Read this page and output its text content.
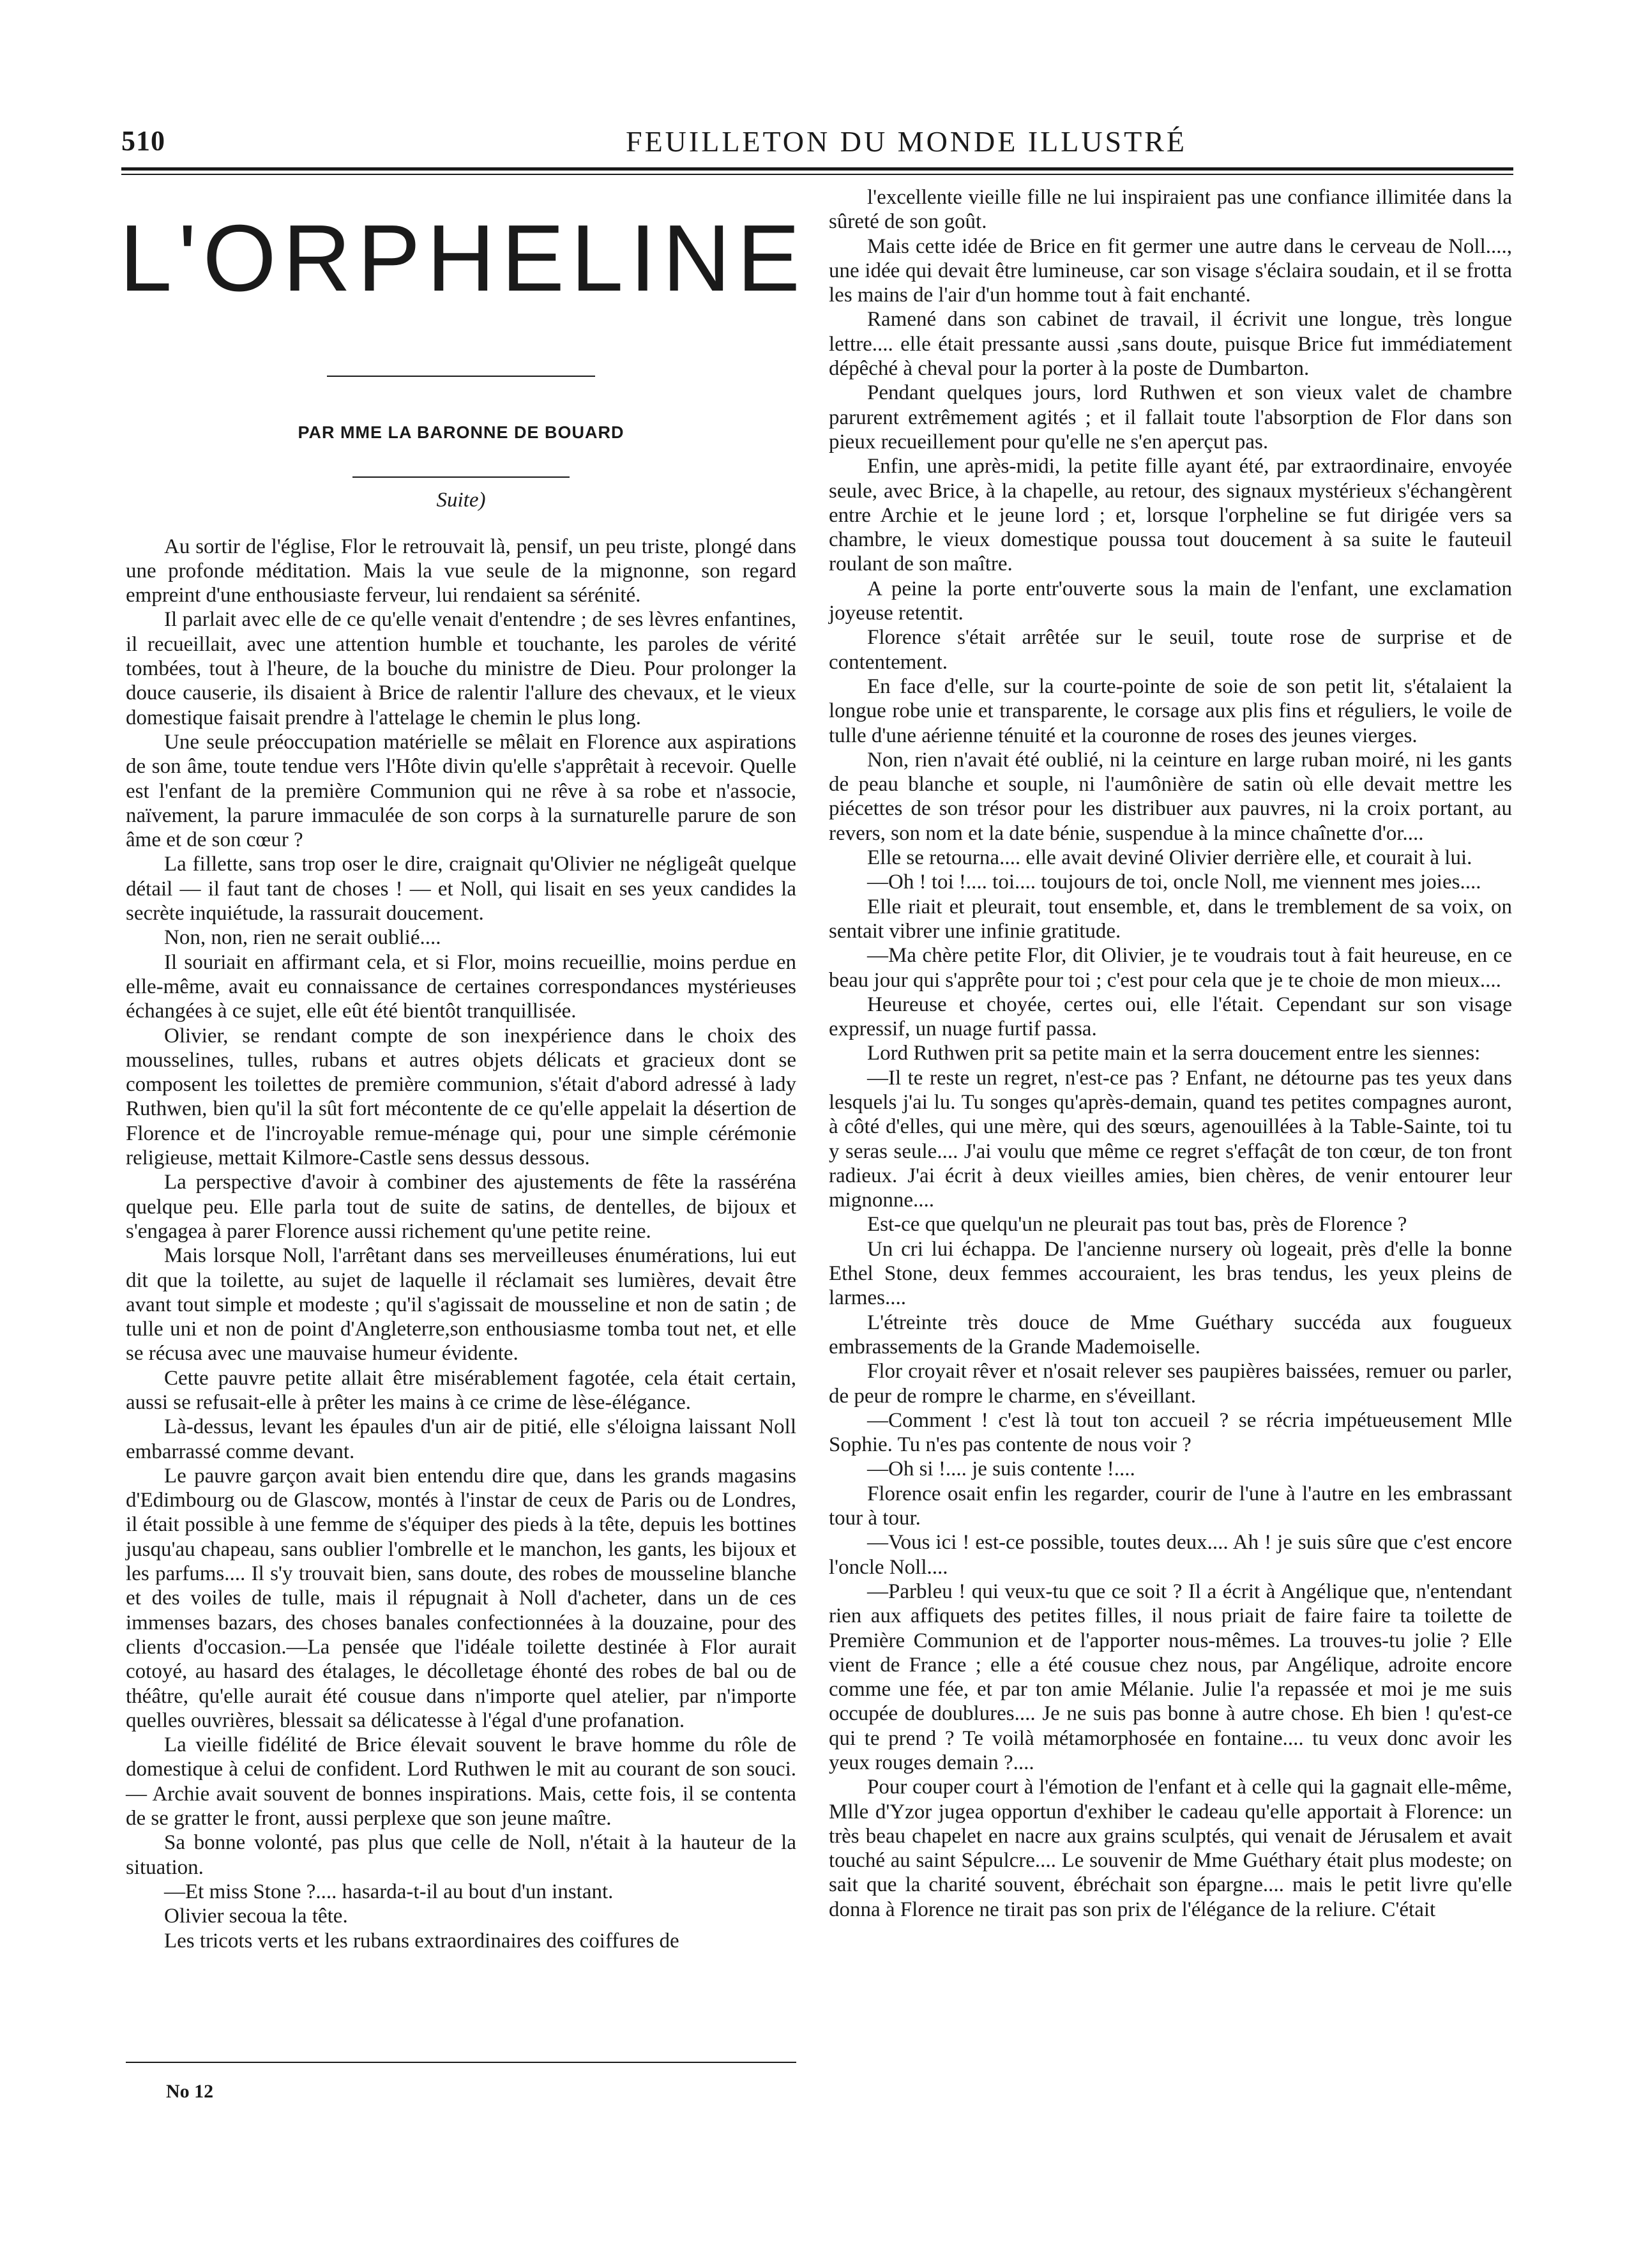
510	FEUILLETON DU MONDE ILLUSTRÉ
L'ORPHELINE
PAR MME LA BARONNE DE BOUARD
Suite)

Au sortir de l'église, Flor le retrouvait là, pensif, un peu triste, plongé dans une profonde méditation. Mais la vue seule de la mignonne, son regard empreint d'une enthousiaste ferveur, lui rendaient sa sérénité.

Il parlait avec elle de ce qu'elle venait d'entendre ; de ses lèvres enfantines, il recueillait, avec une attention humble et touchante, les paroles de vérité tombées, tout à l'heure, de la bouche du ministre de Dieu. Pour prolonger la douce causerie, ils disaient à Brice de ralentir l'allure des chevaux, et le vieux domestique faisait prendre à l'attelage le chemin le plus long.

Une seule préoccupation matérielle se mêlait en Florence aux aspirations de son âme, toute tendue vers l'Hôte divin qu'elle s'apprêtait à recevoir. Quelle est l'enfant de la première Communion qui ne rêve à sa robe et n'associe, naïvement, la parure immaculée de son corps à la surnaturelle parure de son âme et de son cœur ?

La fillette, sans trop oser le dire, craignait qu'Olivier ne négligeât quelque détail — il faut tant de choses ! — et Noll, qui lisait en ses yeux candides la secrète inquiétude, la rassurait doucement.

Non, non, rien ne serait oublié....

Il souriait en affirmant cela, et si Flor, moins recueillie, moins perdue en elle-même, avait eu connaissance de certaines correspondances mystérieuses échangées à ce sujet, elle eût été bientôt tranquillisée.

Olivier, se rendant compte de son inexpérience dans le choix des mousselines, tulles, rubans et autres objets délicats et gracieux dont se composent les toilettes de première communion, s'était d'abord adressé à lady Ruthwen, bien qu'il la sût fort mécontente de ce qu'elle appelait la désertion de Florence et de l'incroyable remue-ménage qui, pour une simple cérémonie religieuse, mettait Kilmore-Castle sens dessus dessous.

La perspective d'avoir à combiner des ajustements de fête la rassérénа quelque peu. Elle parla tout de suite de satins, de dentelles, de bijoux et s'engagea à parer Florence aussi richement qu'une petite reine.

Mais lorsque Noll, l'arrêtant dans ses merveilleuses énumérations, lui eut dit que la toilette, au sujet de laquelle il réclamait ses lumières, devait être avant tout simple et modeste ; qu'il s'agissait de mousseline et non de satin ; de tulle uni et non de point d'Angleterre,son enthousiasme tomba tout net, et elle se récusa avec une mauvaise humeur évidente.

Cette pauvre petite allait être misérablement fagotée, cela était certain, aussi se refusait-elle à prêter les mains à ce crime de lèse-élégance.

Là-dessus, levant les épaules d'un air de pitié, elle s'éloigna laissant Noll embarrassé comme devant.

Le pauvre garçon avait bien entendu dire que, dans les grands magasins d'Edimbourg ou de Glascow, montés à l'instar de ceux de Paris ou de Londres, il était possible à une femme de s'équiper des pieds à la tête, depuis les bottines jusqu'au chapeau, sans oublier l'ombrelle et le manchon, les gants, les bijoux et les parfums.... Il s'y trouvait bien, sans doute, des robes de mousseline blanche et des voiles de tulle, mais il répugnait à Noll d'acheter, dans un de ces immenses bazars, des choses banales confectionnées à la douzaine, pour des clients d'occasion.—La pensée que l'idéale toilette destinée à Flor aurait cotoyé, au hasard des étalages, le décolletage éhonté des robes de bal ou de théâtre, qu'elle aurait été cousue dans n'importe quel atelier, par n'importe quelles ouvrières, blessait sa délicatesse à l'égal d'une profanation.

La vieille fidélité de Brice élevait souvent le brave homme du rôle de domestique à celui de confident. Lord Ruthwen le mit au courant de son souci.— Archie avait souvent de bonnes inspirations. Mais, cette fois, il se contenta de se gratter le front, aussi perplexe que son jeune maître.

Sa bonne volonté, pas plus que celle de Noll, n'était à la hauteur de la situation.

—Et miss Stone ?.... hasarda-t-il au bout d'un instant.

Olivier secoua la tête.

Les tricots verts et les rubans extraordinaires des coiffures de

l'excellente vieille fille ne lui inspiraient pas une confiance illimitée dans la sûreté de son goût.

Mais cette idée de Brice en fit germer une autre dans le cerveau de Noll...., une idée qui devait être lumineuse, car son visage s'éclaira soudain, et il se frotta les mains de l'air d'un homme tout à fait enchanté.

Ramené dans son cabinet de travail, il écrivit une longue, très longue lettre.... elle était pressante aussi ,sans doute, puisque Brice fut immédiatement dépêché à cheval pour la porter à la poste de Dumbarton.

Pendant quelques jours, lord Ruthwen et son vieux valet de chambre parurent extrêmement agités ; et il fallait toute l'absorption de Flor dans son pieux recueillement pour qu'elle ne s'en aperçut pas.

Enfin, une après-midi, la petite fille ayant été, par extraordinaire, envoyée seule, avec Brice, à la chapelle, au retour, des signaux mystérieux s'échangèrent entre Archie et le jeune lord ; et, lorsque l'orpheline se fut dirigée vers sa chambre, le vieux domestique poussa tout doucement à sa suite le fauteuil roulant de son maître.

A peine la porte entr'ouverte sous la main de l'enfant, une exclamation joyeuse retentit.

Florence s'était arrêtée sur le seuil, toute rose de surprise et de contentement.

En face d'elle, sur la courte-pointe de soie de son petit lit, s'étalaient la longue robe unie et transparente, le corsage aux plis fins et réguliers, le voile de tulle d'une aérienne ténuité et la couronne de roses des jeunes vierges.

Non, rien n'avait été oublié, ni la ceinture en large ruban moiré, ni les gants de peau blanche et souple, ni l'aumônière de satin où elle devait mettre les piécettes de son trésor pour les distribuer aux pauvres, ni la croix portant, au revers, son nom et la date bénie, suspendue à la mince chaînette d'or....

Elle se retourna.... elle avait deviné Olivier derrière elle, et courait à lui.

—Oh ! toi !.... toi.... toujours de toi, oncle Noll, me viennent mes joies....

Elle riait et pleurait, tout ensemble, et, dans le tremblement de sa voix, on sentait vibrer une infinie gratitude.

—Ma chère petite Flor, dit Olivier, je te voudrais tout à fait heureuse, en ce beau jour qui s'apprête pour toi ; c'est pour cela que je te choie de mon mieux....

Heureuse et choyée, certes oui, elle l'était. Cependant sur son visage expressif, un nuage furtif passa.

Lord Ruthwen prit sa petite main et la serra doucement entre les siennes:

—Il te reste un regret, n'est-ce pas ? Enfant, ne détourne pas tes yeux dans lesquels j'ai lu. Tu songes qu'après-demain, quand tes petites compagnes auront, à côté d'elles, qui une mère, qui des sœurs, agenouillées à la Table-Sainte, toi tu y seras seule.... J'ai voulu que même ce regret s'effaçât de ton cœur, de ton front radieux. J'ai écrit à deux vieilles amies, bien chères, de venir entourer leur mignonne....

Est-ce que quelqu'un ne pleurait pas tout bas, près de Florence ?

Un cri lui échappa. De l'ancienne nursery où logeait, près d'elle la bonne Ethel Stone, deux femmes accouraient, les bras tendus, les yeux pleins de larmes....

L'étreinte très douce de Mme Guéthary succéda aux fougueux embrassements de la Grande Mademoiselle.

Flor croyait rêver et n'osait relever ses paupières baissées, remuer ou parler, de peur de rompre le charme, en s'éveillant.

—Comment ! c'est là tout ton accueil ? se récria impétueusement Mlle Sophie. Tu n'es pas contente de nous voir ?

—Oh si !.... je suis contente !....

Florence osait enfin les regarder, courir de l'une à l'autre en les embrassant tour à tour.

—Vous ici ! est-ce possible, toutes deux.... Ah ! je suis sûre que c'est encore l'oncle Noll....

—Parbleu ! qui veux-tu que ce soit ? Il a écrit à Angélique que, n'entendant rien aux affiquets des petites filles, il nous priait de faire faire ta toilette de Première Communion et de l'apporter nous-mêmes. La trouves-tu jolie ? Elle vient de France ; elle a été cousue chez nous, par Angélique, adroite encore comme une fée, et par ton amie Mélanie. Julie l'a repassée et moi je me suis occupée de doublures.... Je ne suis pas bonne à autre chose. Eh bien ! qu'est-ce qui te prend ? Te voilà métamorphosée en fontaine.... tu veux donc avoir les yeux rouges demain ?....

Pour couper court à l'émotion de l'enfant et à celle qui la gagnait elle-même, Mlle d'Yzor jugea opportun d'exhiber le cadeau qu'elle apportait à Florence: un très beau chapelet en nacre aux grains sculptés, qui venait de Jérusalem et avait touché au saint Sépulcre.... Le souvenir de Mme Guéthary était plus modeste; on sait que la charité souvent, ébréchait son épargne.... mais le petit livre qu'elle donna à Florence ne tirait pas son prix de l'élégance de la reliure. C'était

No 12
